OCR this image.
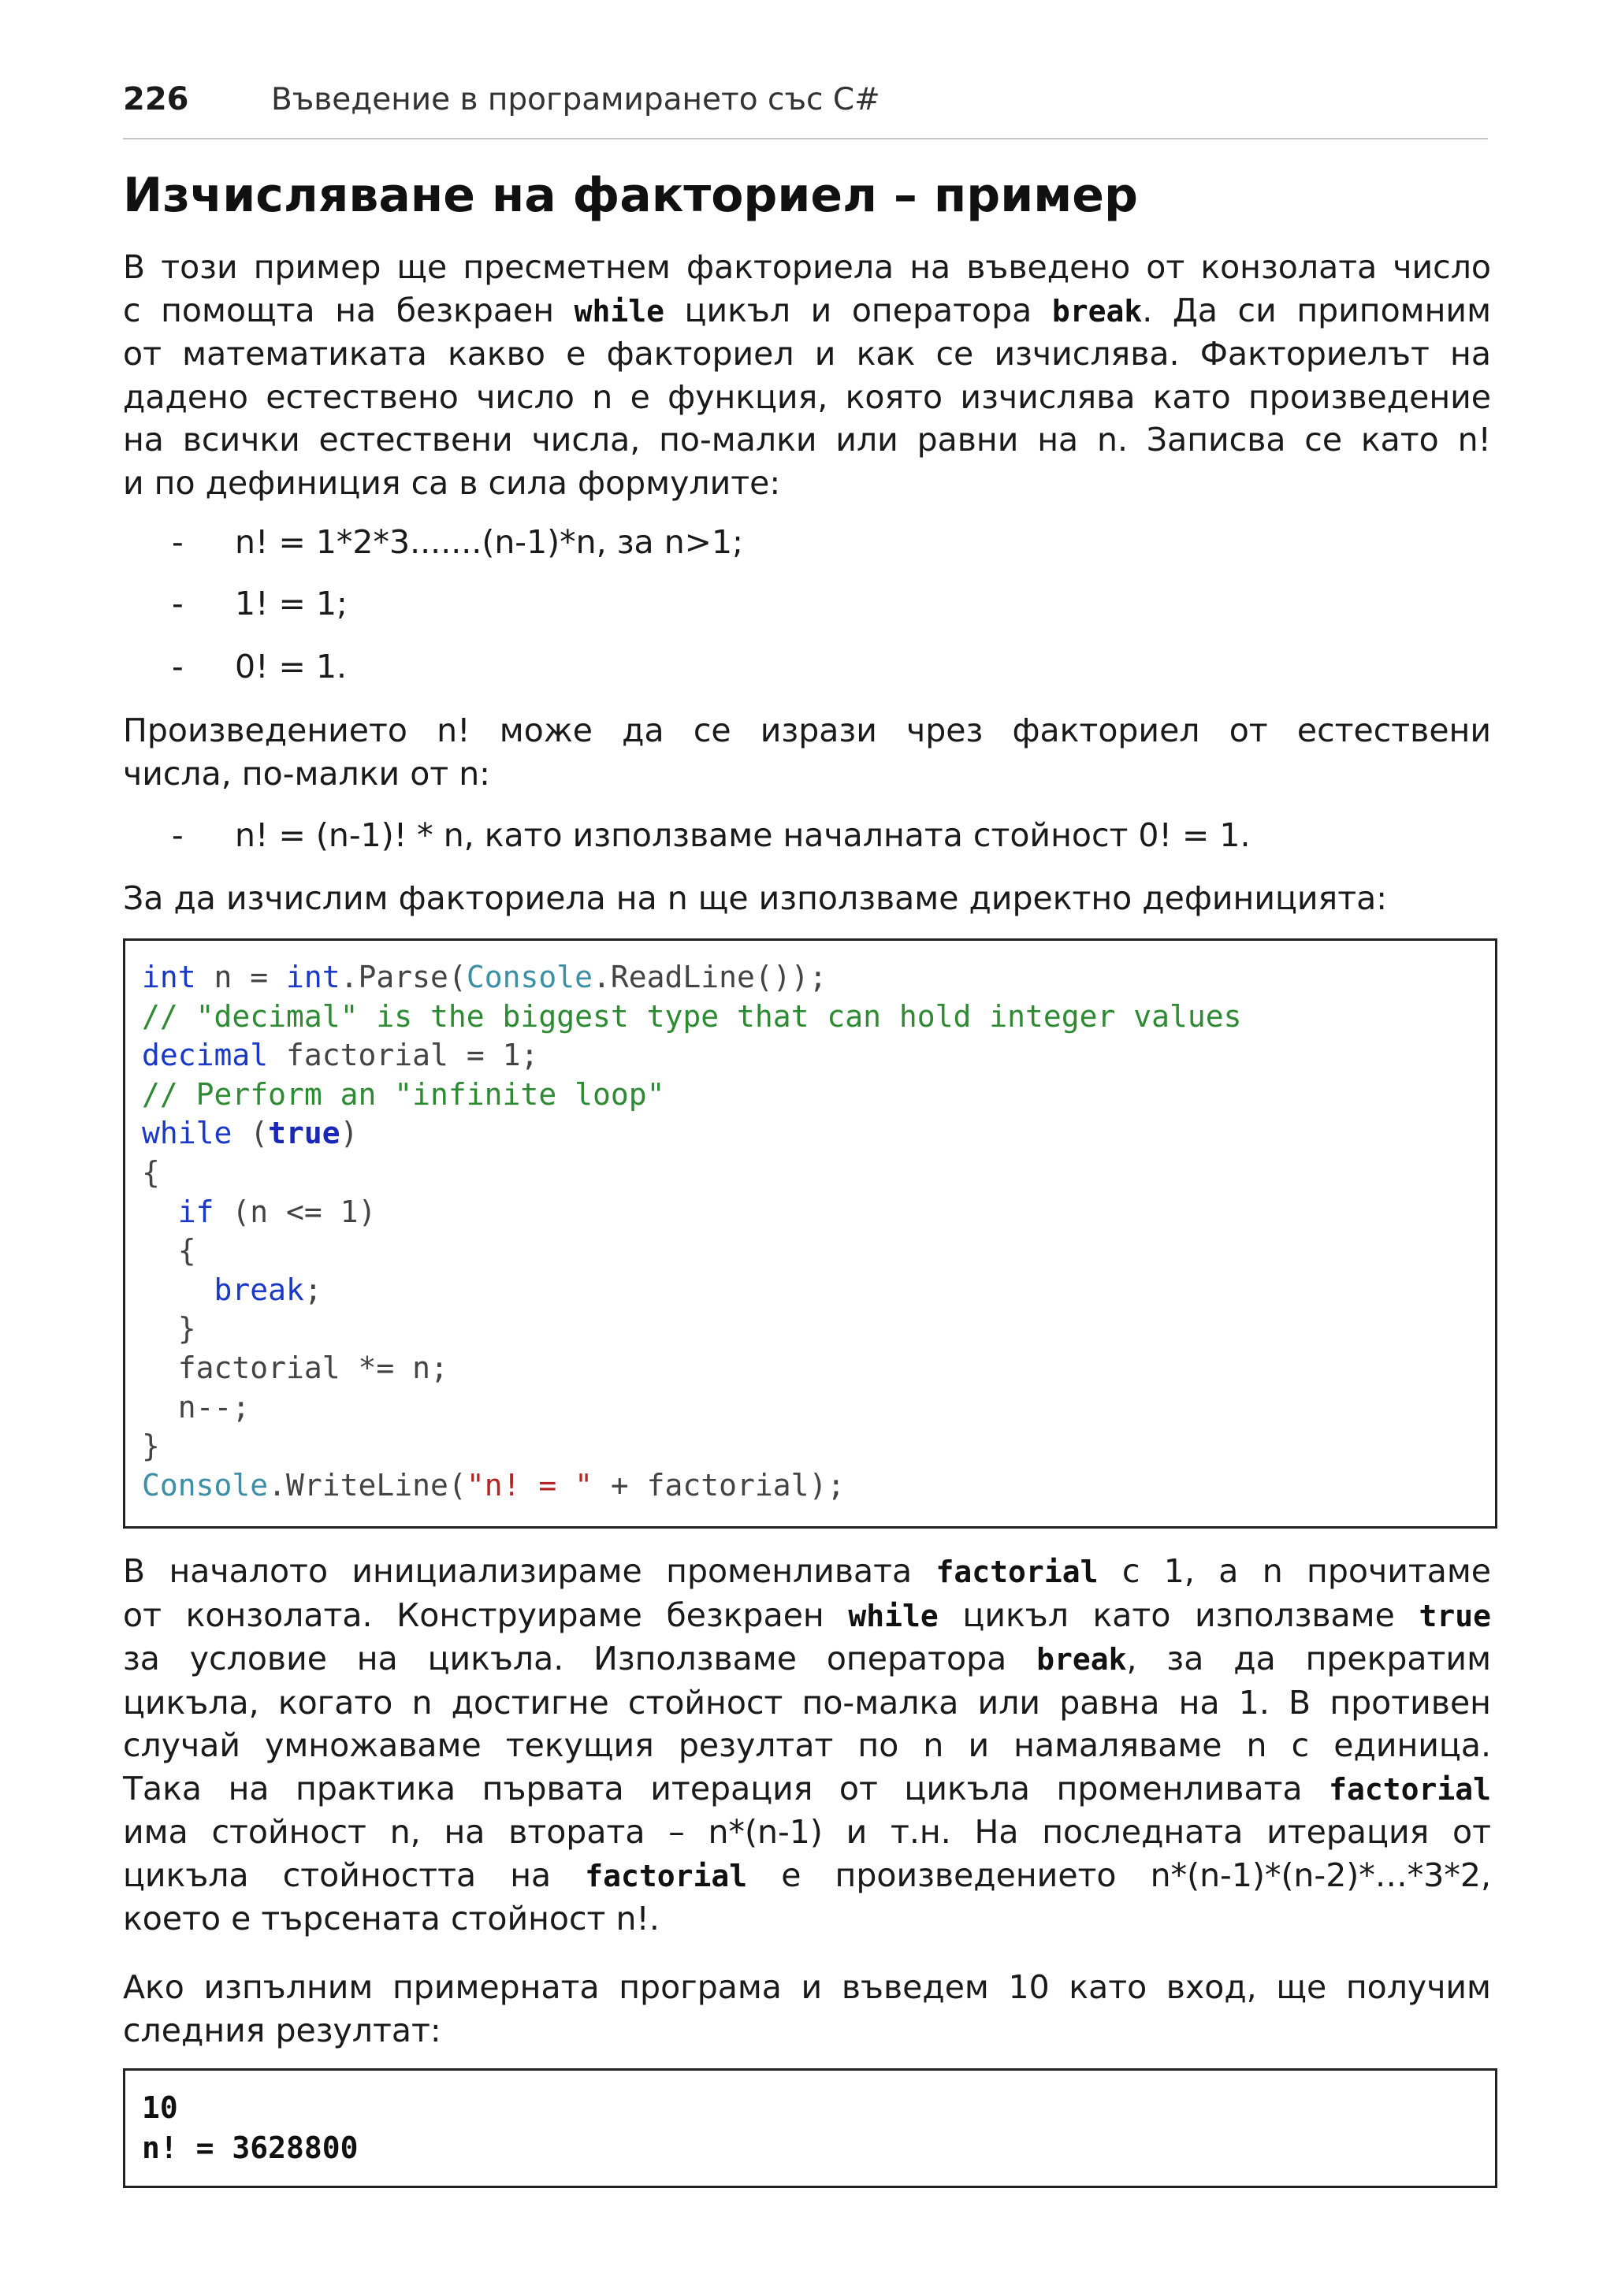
226	Въведение в програмирането със C#
Изчисляване на факториел – пример

В този пример ще пресметнем факториела на въведено от конзолата число
с помощта на безкраен while цикъл и оператора break. Да си припомним
от математиката какво е факториел и как се изчислява. Факториелът на
дадено естествено число n е функция, която изчислява като произведение
на всички естествени числа, по-малки или равни на n. Записва се като n!
и по дефиниция са в сила формулите:

- n! = 1*2*3.......(n-1)*n, за n>1;
- 1! = 1;
- 0! = 1.

Произведението n! може да се изрази чрез факториел от естествени
числа, по-малки от n:

- n! = (n-1)! * n, като използваме началната стойност 0! = 1.

За да изчислим факториела на n ще използваме директно дефиницията:

int n = int.Parse(Console.ReadLine());
// "decimal" is the biggest type that can hold integer values
decimal factorial = 1;
// Perform an "infinite loop"
while (true)
{
if (n <= 1)
{
break;
}
factorial *= n;
n--;
}
Console.WriteLine("n! = " + factorial);

В началото инициализираме променливата factorial с 1, а n прочитаме
от конзолата. Конструираме безкраен while цикъл като използваме true
за условие на цикъла. Използваме оператора break, за да прекратим
цикъла, когато n достигне стойност по-малка или равна на 1. В противен
случай умножаваме текущия резултат по n и намаляваме n с единица.
Така на практика първата итерация от цикъла променливата factorial
има стойност n, на втората – n*(n-1) и т.н. На последната итерация от
цикъла стойността на factorial е произведението n*(n-1)*(n-2)*…*3*2,
което е търсената стойност n!.

Ако изпълним примерната програма и въведем 10 като вход, ще получим
следния резултат:

10
n! = 3628800
